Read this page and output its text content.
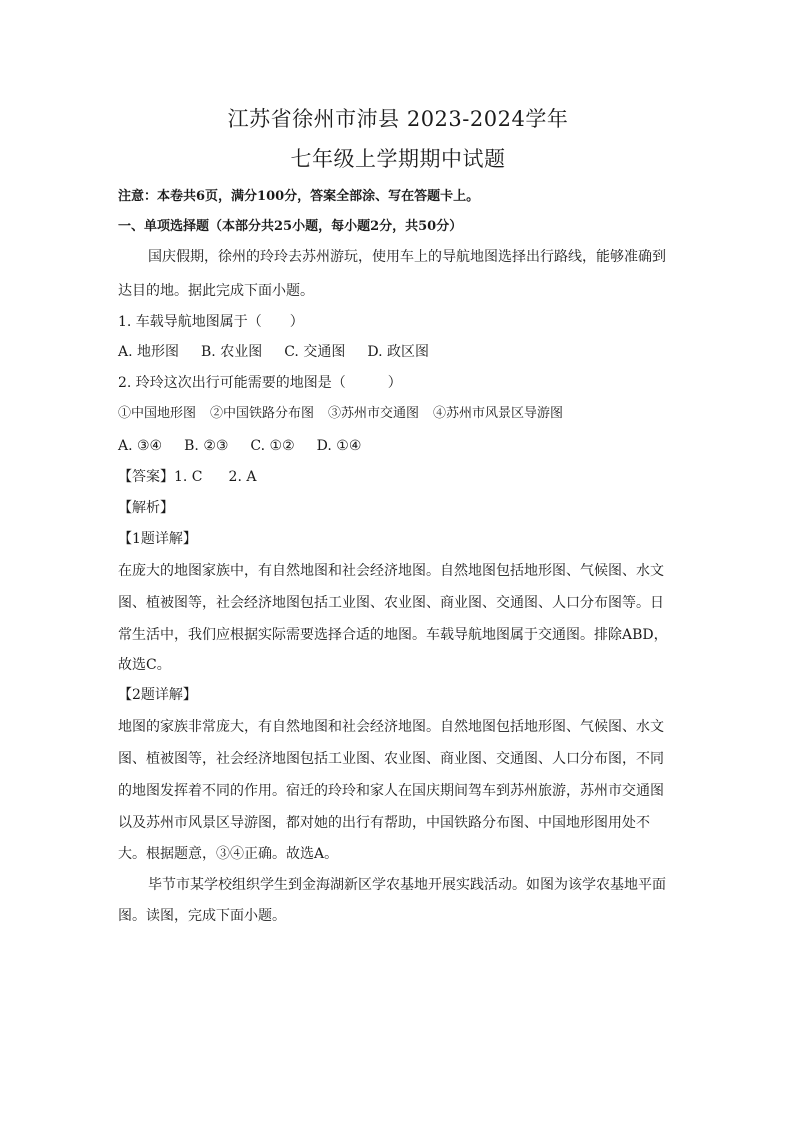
江苏省徐州市沛县 2023-2024学年
七年级上学期期中试题
注意：本卷共6页，满分100分，答案全部涂、写在答题卡上。
一、单项选择题（本部分共25小题，每小题2分，共50分）
国庆假期，徐州的玲玲去苏州游玩，使用车上的导航地图选择出行路线，能够准确到
达目的地。据此完成下面小题。
1. 车载导航地图属于（　　）
A. 地形图 B. 农业图 C. 交通图 D. 政区图
2. 玲玲这次出行可能需要的地图是（　　　）
①中国地形图 ②中国铁路分布图 ③苏州市交通图 ④苏州市风景区导游图
A. ③④ B. ②③ C. ①② D. ①④
【答案】1. C 2. A
【解析】
【1题详解】
在庞大的地图家族中，有自然地图和社会经济地图。自然地图包括地形图、气候图、水文
图、植被图等，社会经济地图包括工业图、农业图、商业图、交通图、人口分布图等。日
常生活中，我们应根据实际需要选择合适的地图。车载导航地图属于交通图。排除ABD，
故选C。
【2题详解】
地图的家族非常庞大，有自然地图和社会经济地图。自然地图包括地形图、气候图、水文
图、植被图等，社会经济地图包括工业图、农业图、商业图、交通图、人口分布图，不同
的地图发挥着不同的作用。宿迁的玲玲和家人在国庆期间驾车到苏州旅游，苏州市交通图
以及苏州市风景区导游图，都对她的出行有帮助，中国铁路分布图、中国地形图用处不
大。根据题意，③④正确。故选A。
毕节市某学校组织学生到金海湖新区学农基地开展实践活动。如图为该学农基地平面
图。读图，完成下面小题。
